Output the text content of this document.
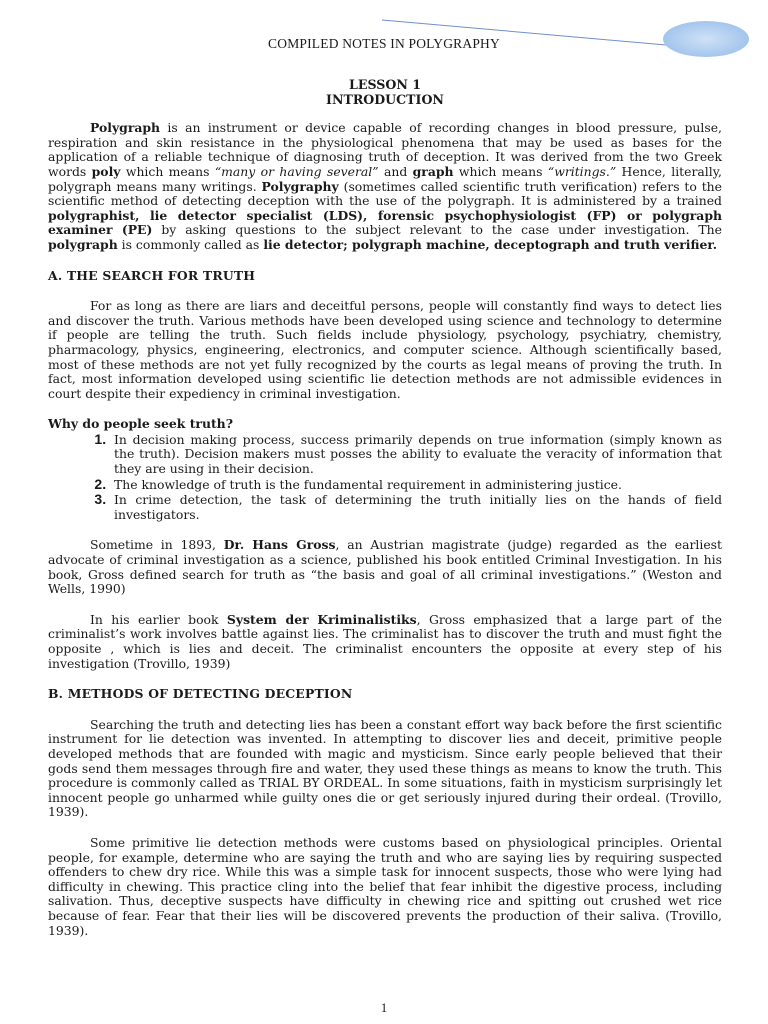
COMPILED NOTES IN POLYGRAPHY
LESSON 1
INTRODUCTION

Polygraph is an instrument or device capable of recording changes in blood pressure, pulse, respiration and skin resistance in the physiological phenomena that may be used as bases for the application of a reliable technique of diagnosing truth of deception. It was derived from the two Greek words poly which means “many or having several” and graph which means “writings.” Hence, literally, polygraph means many writings. Polygraphy (sometimes called scientific truth verification) refers to the scientific method of detecting deception with the use of the polygraph. It is administered by a trained polygraphist, lie detector specialist (LDS), forensic psychophysiologist (FP) or polygraph examiner (PE) by asking questions to the subject relevant to the case under investigation. The polygraph is commonly called as lie detector; polygraph machine, deceptograph and truth verifier.

A. THE SEARCH FOR TRUTH

For as long as there are liars and deceitful persons, people will constantly find ways to detect lies and discover the truth. Various methods have been developed using science and technology to determine if people are telling the truth. Such fields include physiology, psychology, psychiatry, chemistry, pharmacology, physics, engineering, electronics, and computer science. Although scientifically based, most of these methods are not yet fully recognized by the courts as legal means of proving the truth. In fact, most information developed using scientific lie detection methods are not admissible evidences in court despite their expediency in criminal investigation.

Why do people seek truth?
1. In decision making process, success primarily depends on true information (simply known as the truth). Decision makers must posses the ability to evaluate the veracity of information that they are using in their decision.
2. The knowledge of truth is the fundamental requirement in administering justice.
3. In crime detection, the task of determining the truth initially lies on the hands of field investigators.

Sometime in 1893, Dr. Hans Gross, an Austrian magistrate (judge) regarded as the earliest advocate of criminal investigation as a science, published his book entitled Criminal Investigation. In his book, Gross defined search for truth as “the basis and goal of all criminal investigations.” (Weston and Wells, 1990)

In his earlier book System der Kriminalistiks, Gross emphasized that a large part of the criminalist’s work involves battle against lies. The criminalist has to discover the truth and must fight the opposite , which is lies and deceit. The criminalist encounters the opposite at every step of his investigation (Trovillo, 1939)

B. METHODS OF DETECTING DECEPTION

Searching the truth and detecting lies has been a constant effort way back before the first scientific instrument for lie detection was invented. In attempting to discover lies and deceit, primitive people developed methods that are founded with magic and mysticism. Since early people believed that their gods send them messages through fire and water, they used these things as means to know the truth. This procedure is commonly called as TRIAL BY ORDEAL. In some situations, faith in mysticism surprisingly let innocent people go unharmed while guilty ones die or get seriously injured during their ordeal. (Trovillo, 1939).

Some primitive lie detection methods were customs based on physiological principles. Oriental people, for example, determine who are saying the truth and who are saying lies by requiring suspected offenders to chew dry rice. While this was a simple task for innocent suspects, those who were lying had difficulty in chewing. This practice cling into the belief that fear inhibit the digestive process, including salivation. Thus, deceptive suspects have difficulty in chewing rice and spitting out crushed wet rice because of fear. Fear that their lies will be discovered prevents the production of their saliva. (Trovillo, 1939).

1
